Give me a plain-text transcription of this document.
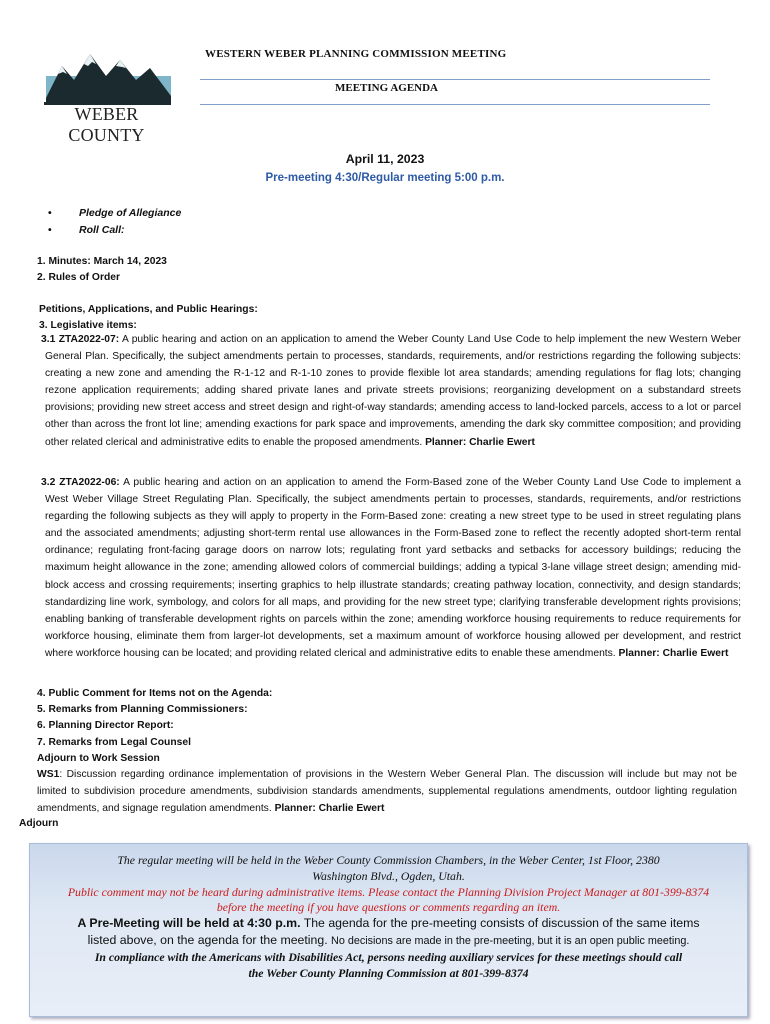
WEBER COUNTY
WESTERN WEBER PLANNING COMMISSION MEETING
MEETING AGENDA
April 11, 2023
Pre-meeting 4:30/Regular meeting 5:00 p.m.
•	Pledge of Allegiance
•	Roll Call:
1. Minutes: March 14, 2023
2. Rules of Order
Petitions, Applications, and Public Hearings:
3. Legislative items:
3.1 ZTA2022-07: A public hearing and action on an application to amend the Weber County Land Use Code to help implement the new Western Weber General Plan. Specifically, the subject amendments pertain to processes, standards, requirements, and/or restrictions regarding the following subjects: creating a new zone and amending the R-1-12 and R-1-10 zones to provide flexible lot area standards; amending regulations for flag lots; changing rezone application requirements; adding shared private lanes and private streets provisions; reorganizing development on a substandard streets provisions; providing new street access and street design and right-of-way standards; amending access to land-locked parcels, access to a lot or parcel other than across the front lot line; amending exactions for park space and improvements, amending the dark sky committee composition; and providing other related clerical and administrative edits to enable the proposed amendments. Planner: Charlie Ewert
3.2 ZTA2022-06: A public hearing and action on an application to amend the Form-Based zone of the Weber County Land Use Code to implement a West Weber Village Street Regulating Plan. Specifically, the subject amendments pertain to processes, standards, requirements, and/or restrictions regarding the following subjects as they will apply to property in the Form-Based zone: creating a new street type to be used in street regulating plans and the associated amendments; adjusting short-term rental use allowances in the Form-Based zone to reflect the recently adopted short-term rental ordinance; regulating front-facing garage doors on narrow lots; regulating front yard setbacks and setbacks for accessory buildings; reducing the maximum height allowance in the zone; amending allowed colors of commercial buildings; adding a typical 3-lane village street design; amending mid-block access and crossing requirements; inserting graphics to help illustrate standards; creating pathway location, connectivity, and design standards; standardizing line work, symbology, and colors for all maps, and providing for the new street type; clarifying transferable development rights provisions; enabling banking of transferable development rights on parcels within the zone; amending workforce housing requirements to reduce requirements for workforce housing, eliminate them from larger-lot developments, set a maximum amount of workforce housing allowed per development, and restrict where workforce housing can be located; and providing related clerical and administrative edits to enable these amendments. Planner: Charlie Ewert
4. Public Comment for Items not on the Agenda:
5. Remarks from Planning Commissioners:
6. Planning Director Report:
7. Remarks from Legal Counsel
Adjourn to Work Session
WS1: Discussion regarding ordinance implementation of provisions in the Western Weber General Plan. The discussion will include but may not be limited to subdivision procedure amendments, subdivision standards amendments, supplemental regulations amendments, outdoor lighting regulation amendments, and signage regulation amendments. Planner: Charlie Ewert
Adjourn
The regular meeting will be held in the Weber County Commission Chambers, in the Weber Center, 1st Floor, 2380
Washington Blvd., Ogden, Utah.
Public comment may not be heard during administrative items. Please contact the Planning Division Project Manager at 801-399-8374
before the meeting if you have questions or comments regarding an item.
A Pre-Meeting will be held at 4:30 p.m. The agenda for the pre-meeting consists of discussion of the same items
listed above, on the agenda for the meeting. No decisions are made in the pre-meeting, but it is an open public meeting.
In compliance with the Americans with Disabilities Act, persons needing auxiliary services for these meetings should call
the Weber County Planning Commission at 801-399-8374
